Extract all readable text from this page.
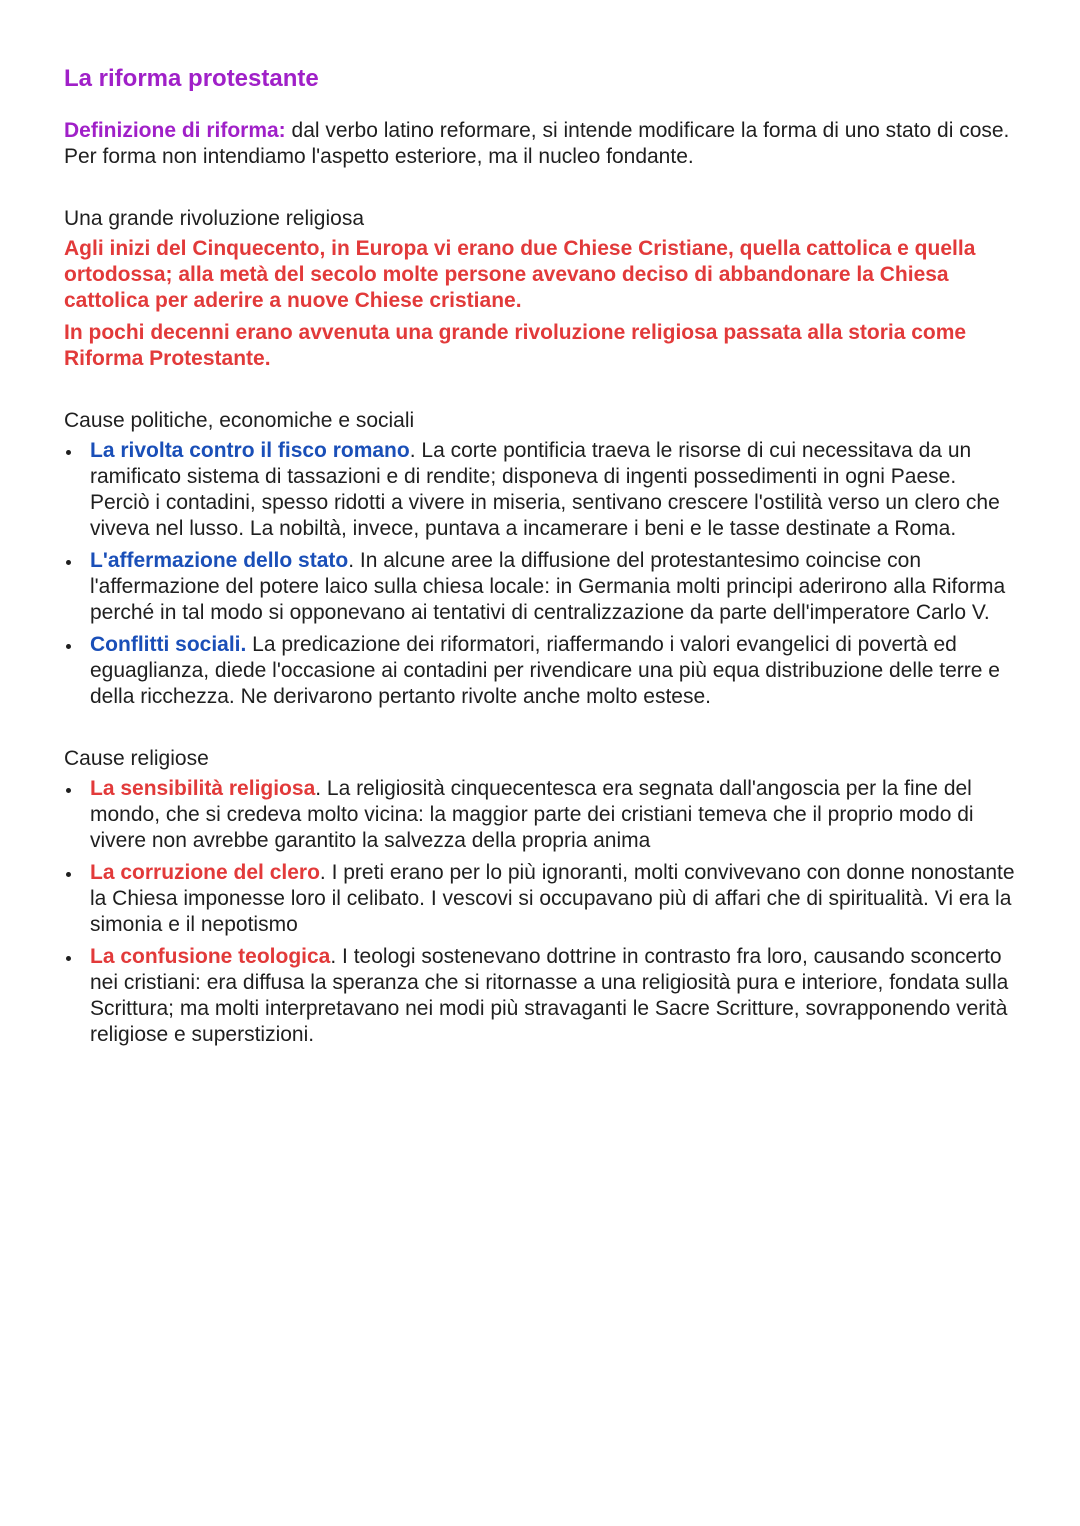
La riforma protestante

Definizione di riforma: dal verbo latino reformare, si intende modificare la forma di uno stato di cose. Per forma non intendiamo l'aspetto esteriore, ma il nucleo fondante.

Una grande rivoluzione religiosa

Agli inizi del Cinquecento, in Europa vi erano due Chiese Cristiane, quella cattolica e quella ortodossa; alla metà del secolo molte persone avevano deciso di abbandonare la Chiesa cattolica per aderire a nuove Chiese cristiane.

In pochi decenni erano avvenuta una grande rivoluzione religiosa passata alla storia come Riforma Protestante.

Cause politiche, economiche e sociali

La rivolta contro il fisco romano. La corte pontificia traeva le risorse di cui necessitava da un ramificato sistema di tassazioni e di rendite; disponeva di ingenti possedimenti in ogni Paese. Perciò i contadini, spesso ridotti a vivere in miseria, sentivano crescere l'ostilità verso un clero che viveva nel lusso. La nobiltà, invece, puntava a incamerare i beni e le tasse destinate a Roma.
L'affermazione dello stato. In alcune aree la diffusione del protestantesimo coincise con l'affermazione del potere laico sulla chiesa locale: in Germania molti principi aderirono alla Riforma perché in tal modo si opponevano ai tentativi di centralizzazione da parte dell'imperatore Carlo V.
Conflitti sociali. La predicazione dei riformatori, riaffermando i valori evangelici di povertà ed eguaglianza, diede l'occasione ai contadini per rivendicare una più equa distribuzione delle terre e della ricchezza. Ne derivarono pertanto rivolte anche molto estese.

Cause religiose

La sensibilità religiosa. La religiosità cinquecentesca era segnata dall'angoscia per la fine del mondo, che si credeva molto vicina: la maggior parte dei cristiani temeva che il proprio modo di vivere non avrebbe garantito la salvezza della propria anima
La corruzione del clero. I preti erano per lo più ignoranti, molti convivevano con donne nonostante la Chiesa imponesse loro il celibato. I vescovi si occupavano più di affari che di spiritualità. Vi era la simonia e il nepotismo
La confusione teologica. I teologi sostenevano dottrine in contrasto fra loro, causando sconcerto nei cristiani: era diffusa la speranza che si ritornasse a una religiosità pura e interiore, fondata sulla Scrittura; ma molti interpretavano nei modi più stravaganti le Sacre Scritture, sovrapponendo verità religiose e superstizioni.
